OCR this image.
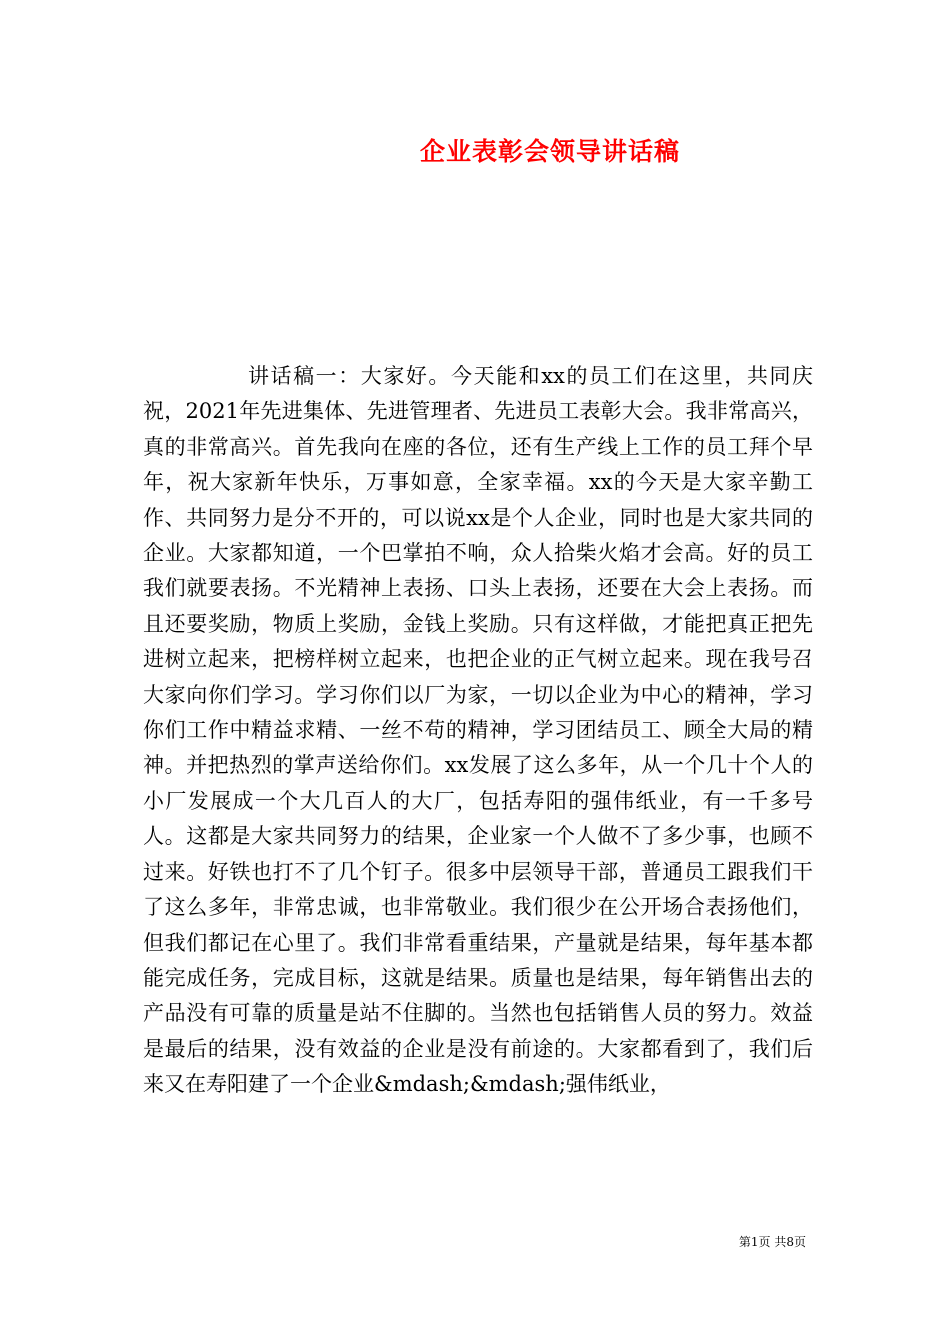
企业表彰会领导讲话稿

讲话稿一：大家好。今天能和xx的员工们在这里，共同庆祝，2021年先进集体、先进管理者、先进员工表彰大会。我非常高兴，真的非常高兴。首先我向在座的各位，还有生产线上工作的员工拜个早年，祝大家新年快乐，万事如意，全家幸福。xx的今天是大家辛勤工作、共同努力是分不开的，可以说xx是个人企业，同时也是大家共同的企业。大家都知道，一个巴掌拍不响，众人拾柴火焰才会高。好的员工我们就要表扬。不光精神上表扬、口头上表扬，还要在大会上表扬。而且还要奖励，物质上奖励，金钱上奖励。只有这样做，才能把真正把先进树立起来，把榜样树立起来，也把企业的正气树立起来。现在我号召大家向你们学习。学习你们以厂为家，一切以企业为中心的精神，学习你们工作中精益求精、一丝不苟的精神，学习团结员工、顾全大局的精神。并把热烈的掌声送给你们。xx发展了这么多年，从一个几十个人的小厂发展成一个大几百人的大厂，包括寿阳的强伟纸业，有一千多号人。这都是大家共同努力的结果，企业家一个人做不了多少事，也顾不过来。好铁也打不了几个钉子。很多中层领导干部，普通员工跟我们干了这么多年，非常忠诚，也非常敬业。我们很少在公开场合表扬他们，但我们都记在心里了。我们非常看重结果，产量就是结果，每年基本都能完成任务，完成目标，这就是结果。质量也是结果，每年销售出去的产品没有可靠的质量是站不住脚的。当然也包括销售人员的努力。效益是最后的结果，没有效益的企业是没有前途的。大家都看到了，我们后来又在寿阳建了一个企业&mdash;&mdash;强伟纸业，

第1页 共8页
